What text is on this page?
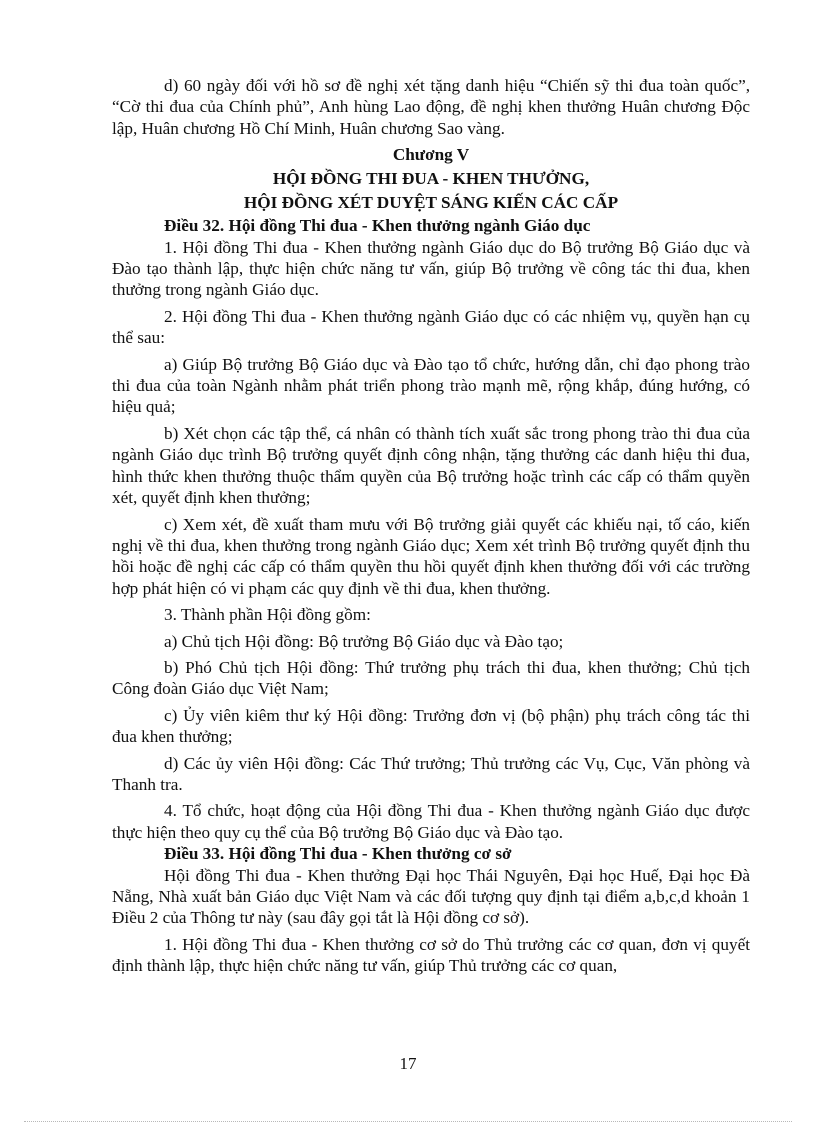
d) 60 ngày đối với hồ sơ đề nghị xét tặng danh hiệu “Chiến sỹ thi đua toàn quốc”, “Cờ thi đua của Chính phủ”, Anh hùng Lao động, đề nghị khen thưởng Huân chương Độc lập, Huân chương Hồ Chí Minh, Huân chương Sao vàng.

Chương V
HỘI ĐỒNG THI ĐUA - KHEN THƯỞNG,
HỘI ĐỒNG XÉT DUYỆT SÁNG KIẾN CÁC CẤP

Điều 32. Hội đồng Thi đua - Khen thưởng ngành Giáo dục

1. Hội đồng Thi đua - Khen thưởng ngành Giáo dục do Bộ trưởng Bộ Giáo dục và Đào tạo thành lập, thực hiện chức năng tư vấn, giúp Bộ trưởng về công tác thi đua, khen thưởng trong ngành Giáo dục.

2. Hội đồng Thi đua - Khen thưởng ngành Giáo dục có các nhiệm vụ, quyền hạn cụ thể sau:

a) Giúp Bộ trưởng Bộ Giáo dục và Đào tạo tổ chức, hướng dẫn, chỉ đạo phong trào thi đua của toàn Ngành nhằm phát triển phong trào mạnh mẽ, rộng khắp, đúng hướng, có hiệu quả;

b) Xét chọn các tập thể, cá nhân có thành tích xuất sắc trong phong trào thi đua của ngành Giáo dục trình Bộ trưởng quyết định công nhận, tặng thưởng các danh hiệu thi đua, hình thức khen thưởng thuộc thẩm quyền của Bộ trưởng hoặc trình các cấp có thẩm quyền xét, quyết định khen thưởng;

c) Xem xét, đề xuất tham mưu với Bộ trưởng giải quyết các khiếu nại, tố cáo, kiến nghị về thi đua, khen thưởng trong ngành Giáo dục; Xem xét trình Bộ trưởng quyết định thu hồi hoặc đề nghị các cấp có thẩm quyền thu hồi quyết định khen thưởng đối với các trường hợp phát hiện có vi phạm các quy định về thi đua, khen thưởng.

3. Thành phần Hội đồng gồm:

a) Chủ tịch Hội đồng: Bộ trưởng Bộ Giáo dục và Đào tạo;

b) Phó Chủ tịch Hội đồng: Thứ trưởng phụ trách thi đua, khen thưởng; Chủ tịch Công đoàn Giáo dục Việt Nam;

c) Ủy viên kiêm thư ký Hội đồng: Trưởng đơn vị (bộ phận) phụ trách công tác thi đua khen thưởng;

d) Các ủy viên Hội đồng: Các Thứ trưởng; Thủ trưởng các Vụ, Cục, Văn phòng và Thanh tra.

4. Tổ chức, hoạt động của Hội đồng Thi đua - Khen thưởng ngành Giáo dục được thực hiện theo quy cụ thể của Bộ trưởng Bộ Giáo dục và Đào tạo.

Điều 33. Hội đồng Thi đua - Khen thưởng cơ sở

Hội đồng Thi đua - Khen thưởng Đại học Thái Nguyên, Đại học Huế, Đại học Đà Nẵng, Nhà xuất bản Giáo dục Việt Nam và các đối tượng quy định tại điểm a,b,c,d khoản 1 Điều 2 của Thông tư này (sau đây gọi tắt là Hội đồng cơ sở).

1. Hội đồng Thi đua - Khen thưởng cơ sở do Thủ trưởng các cơ quan, đơn vị quyết định thành lập, thực hiện chức năng tư vấn, giúp Thủ trưởng các cơ quan,

17
